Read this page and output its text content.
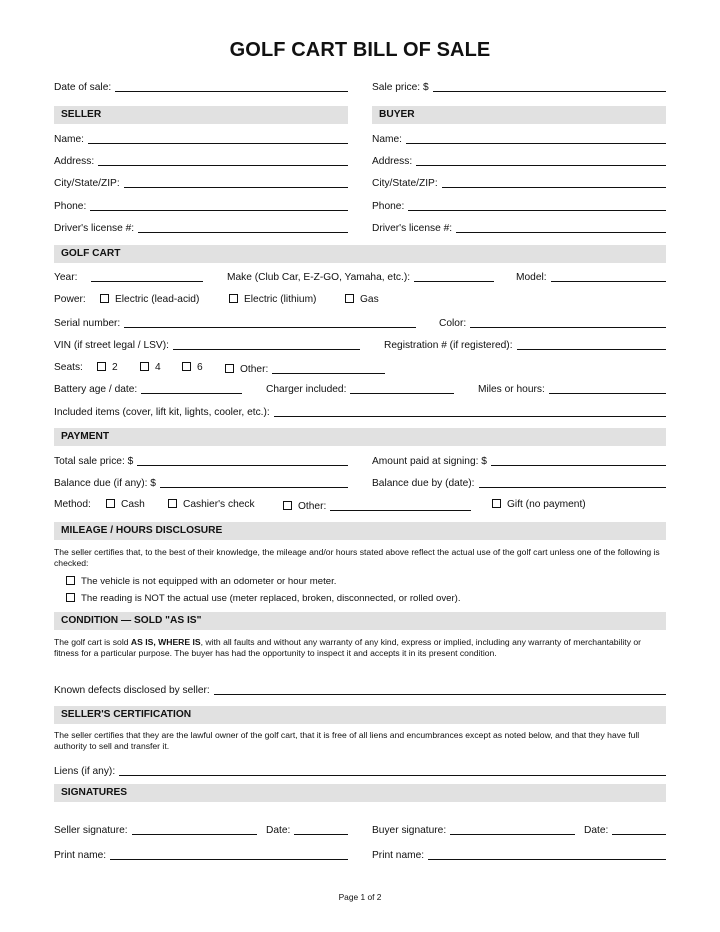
GOLF CART BILL OF SALE
Date of sale:	Sale price: $
SELLER	BUYER
Name:	Name:
Address:	Address:
City/State/ZIP:	City/State/ZIP:
Phone:	Phone:
Driver's license #:	Driver's license #:
GOLF CART
Year:	Make (Club Car, E-Z-GO, Yamaha, etc.):	Model:
Power:	Electric (lead-acid)	Electric (lithium)	Gas
Serial number:	Color:
VIN (if street legal / LSV):	Registration # (if registered):
Seats:	2	4	6	Other:
Battery age / date:	Charger included:	Miles or hours:
Included items (cover, lift kit, lights, cooler, etc.):
PAYMENT
Total sale price: $	Amount paid at signing: $
Balance due (if any): $	Balance due by (date):
Method:	Cash	Cashier's check	Other:	Gift (no payment)
MILEAGE / HOURS DISCLOSURE
The seller certifies that, to the best of their knowledge, the mileage and/or hours stated above reflect the actual use of the golf cart unless one of the following is checked:
The vehicle is not equipped with an odometer or hour meter.
The reading is NOT the actual use (meter replaced, broken, disconnected, or rolled over).
CONDITION — SOLD "AS IS"
The golf cart is sold AS IS, WHERE IS, with all faults and without any warranty of any kind, express or implied, including any warranty of merchantability or fitness for a particular purpose. The buyer has had the opportunity to inspect it and accepts it in its present condition.
Known defects disclosed by seller:
SELLER'S CERTIFICATION
The seller certifies that they are the lawful owner of the golf cart, that it is free of all liens and encumbrances except as noted below, and that they have full authority to sell and transfer it.
Liens (if any):
SIGNATURES
Seller signature:	Date:	Buyer signature:	Date:
Print name:	Print name:
Page 1 of 2
